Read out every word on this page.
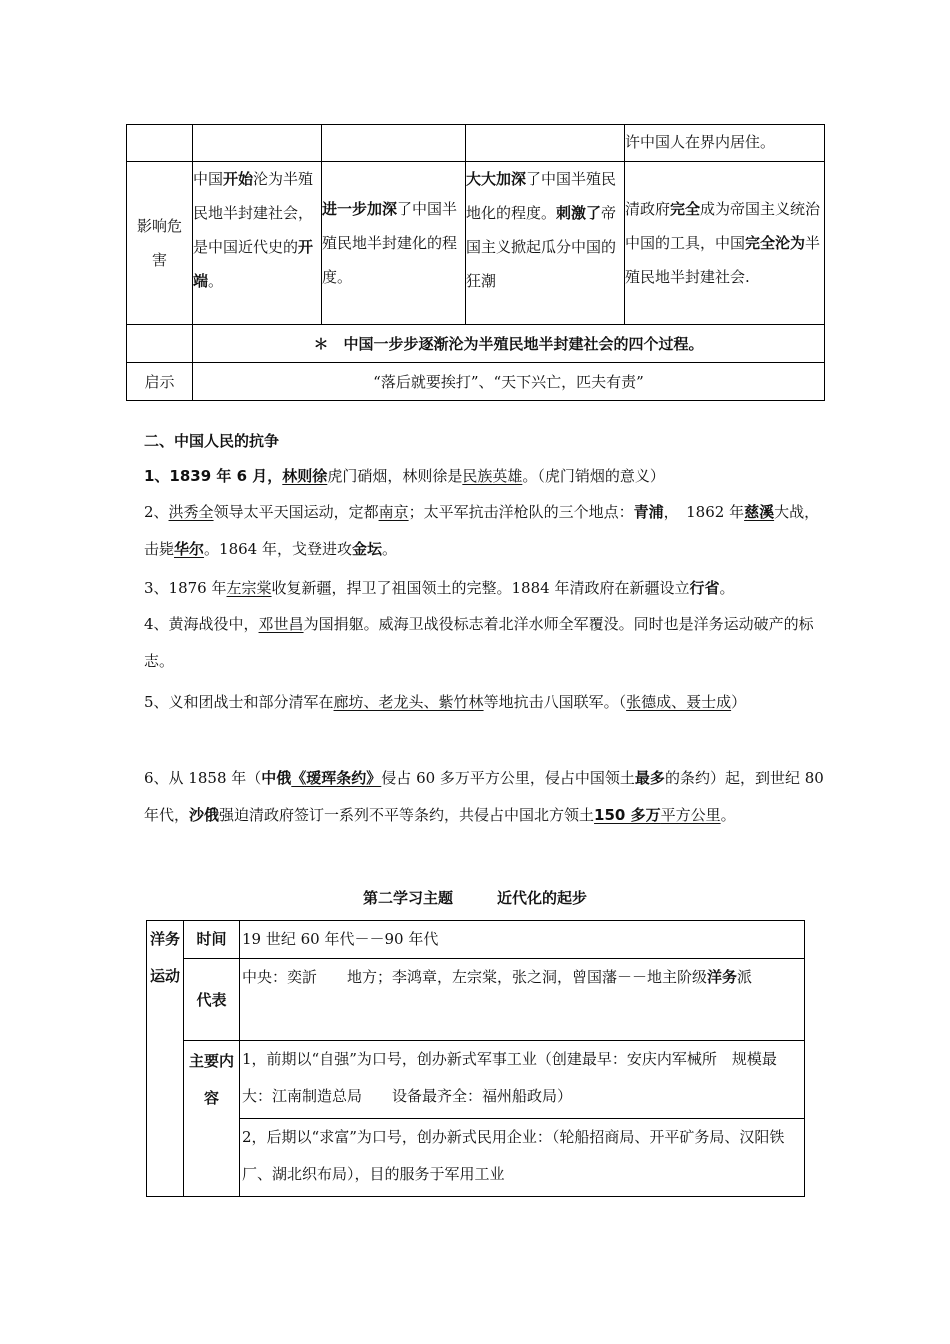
				许中国人在界内居住。
影响危害	中国开始沦为半殖民地半封建社会，是中国近代史的开端。	进一步加深了中国半殖民地半封建化的程度。	大大加深了中国半殖民地化的程度。刺激了帝国主义掀起瓜分中国的狂潮	清政府完全成为帝国主义统治中国的工具，中国完全沦为半殖民地半封建社会.
	＊　中国一步步逐渐沦为半殖民地半封建社会的四个过程。			
启示	“落后就要挨打”、“天下兴亡，匹夫有责”			
二、中国人民的抗争
1、1839 年 6 月，林则徐虎门硝烟，林则徐是民族英雄。（虎门销烟的意义）
2、洪秀全领导太平天国运动，定都南京；太平军抗击洋枪队的三个地点：青浦，　1862 年慈溪大战，击毙华尔。1864 年，戈登进攻金坛。
3、1876 年左宗棠收复新疆，捍卫了祖国领土的完整。1884 年清政府在新疆设立行省。
4、黄海战役中，邓世昌为国捐躯。威海卫战役标志着北洋水师全军覆没。同时也是洋务运动破产的标志。
5、义和团战士和部分清军在廊坊、老龙头、紫竹林等地抗击八国联军。（张德成、聂士成）
6、从 1858 年（中俄《瑷珲条约》侵占 60 多万平方公里，侵占中国领土最多的条约）起，到世纪 80 年代，沙俄强迫清政府签订一系列不平等条约，共侵占中国北方领土150 多万平方公里。
第二学习主题	近代化的起步
洋务运动	时间	19 世纪 60 年代－－90 年代
	代表	中央：奕訢　　地方；李鸿章，左宗棠，张之洞，曾国藩－－地主阶级洋务派
	主要内容	1，前期以“自强”为口号，创办新式军事工业（创建最早：安庆内军械所　规模最大：江南制造总局　　设备最齐全：福州船政局）
		2，后期以“求富”为口号，创办新式民用企业：（轮船招商局、开平矿务局、汉阳铁厂、湖北织布局），目的服务于军用工业
